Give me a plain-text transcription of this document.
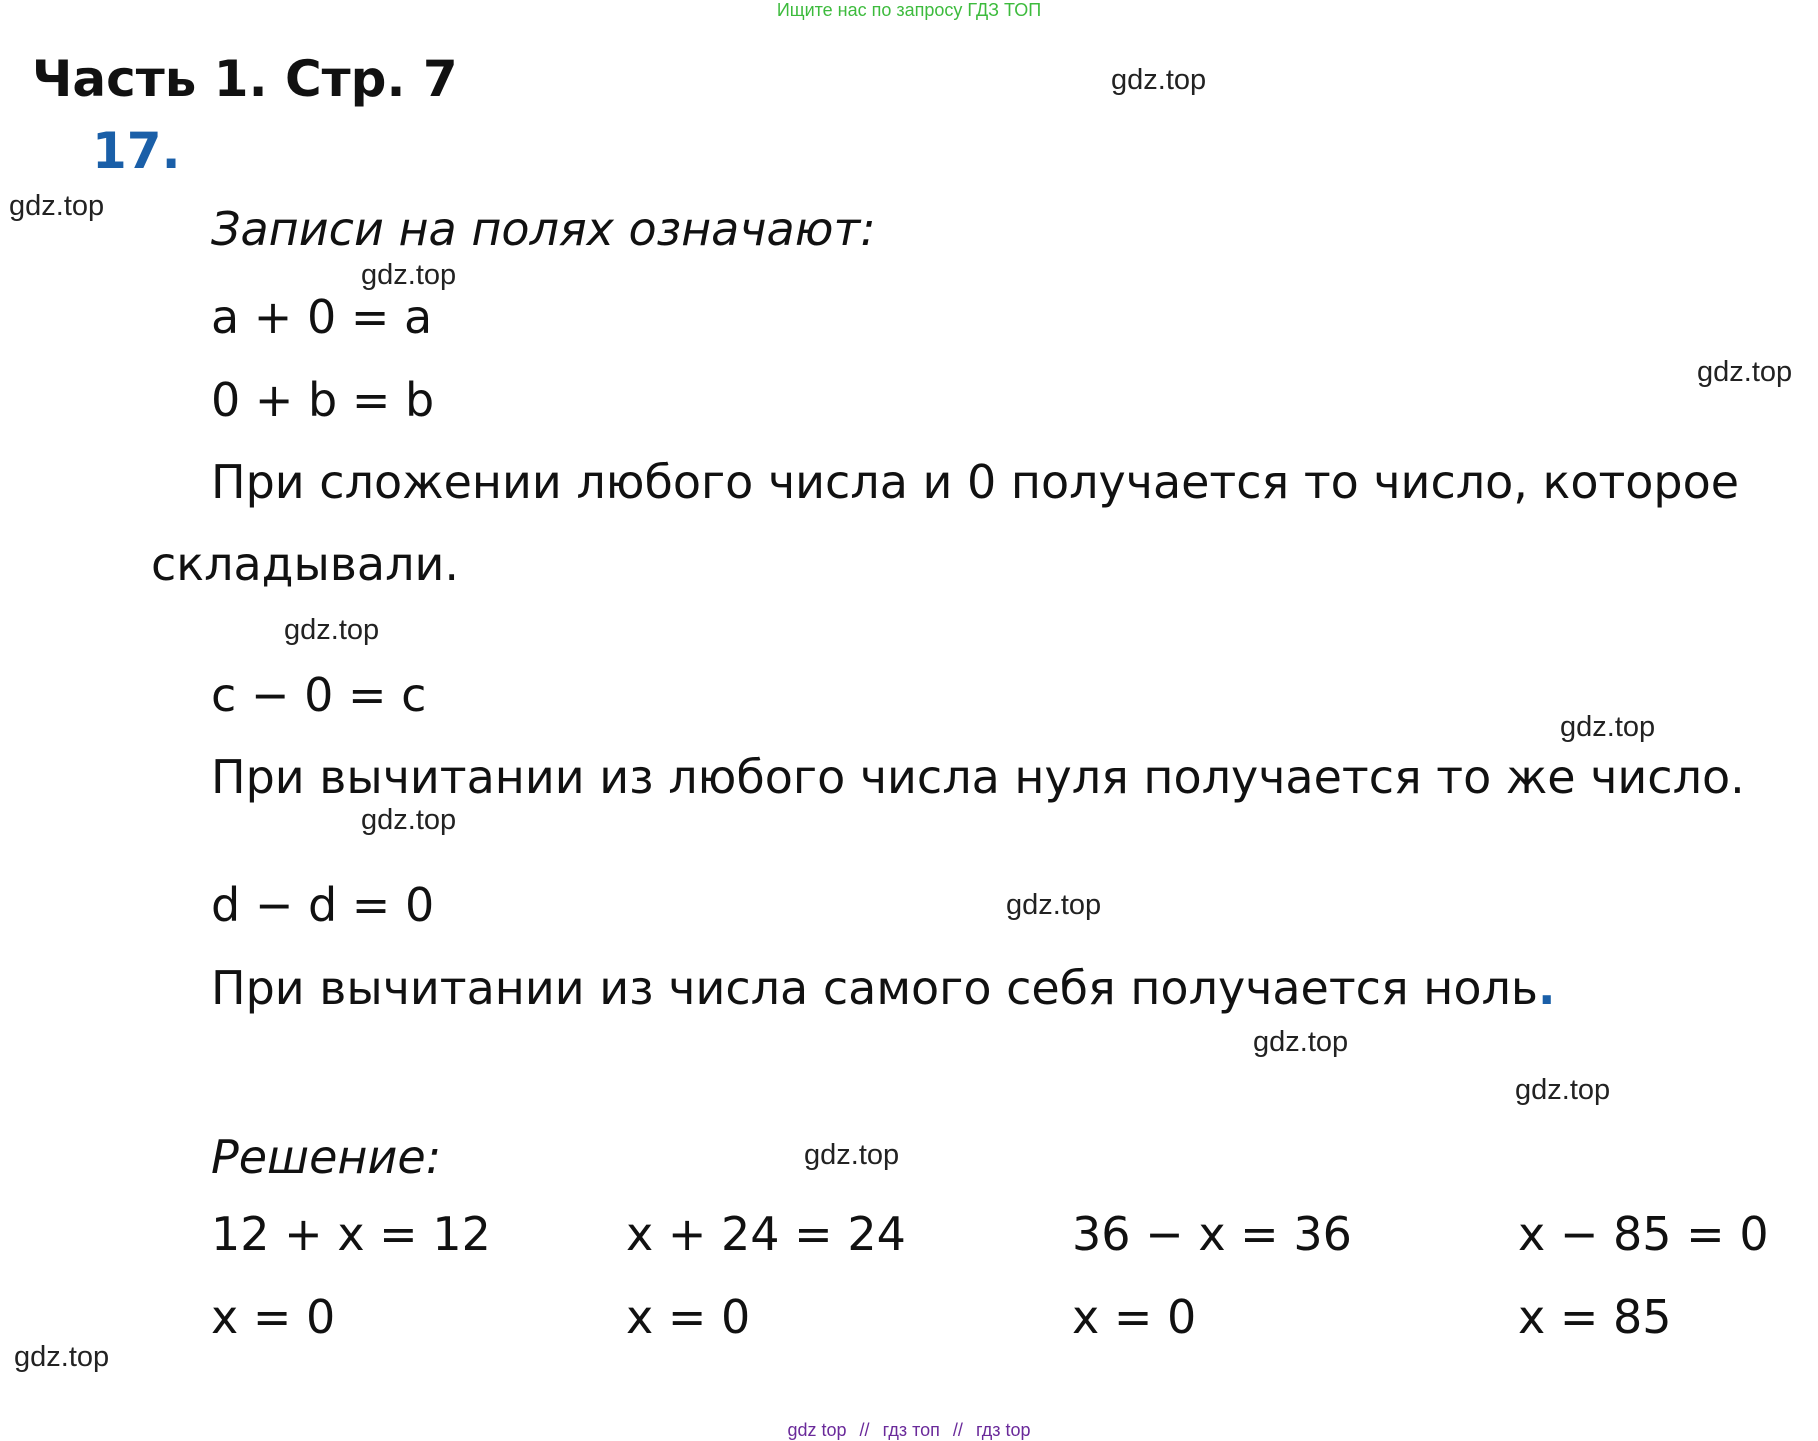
Ищите нас по запросу ГДЗ ТОП
Часть 1. Стр. 7
17.
Записи на полях означают:
a + 0 = a
0 + b = b
При сложении любого числа и 0 получается то число, которое
складывали.
c − 0 = c
При вычитании из любого числа нуля получается то же число.
d − d = 0
При вычитании из числа самого себя получается ноль.
Решение:
12 + x = 12
x = 0
x + 24 = 24
x = 0
36 − x = 36
x = 0
x − 85 = 0
x = 85
gdz.top
gdz.top
gdz.top
gdz.top
gdz.top
gdz.top
gdz.top
gdz.top
gdz.top
gdz.top
gdz.top
gdz.top
gdz top // гдз топ // гдз top
